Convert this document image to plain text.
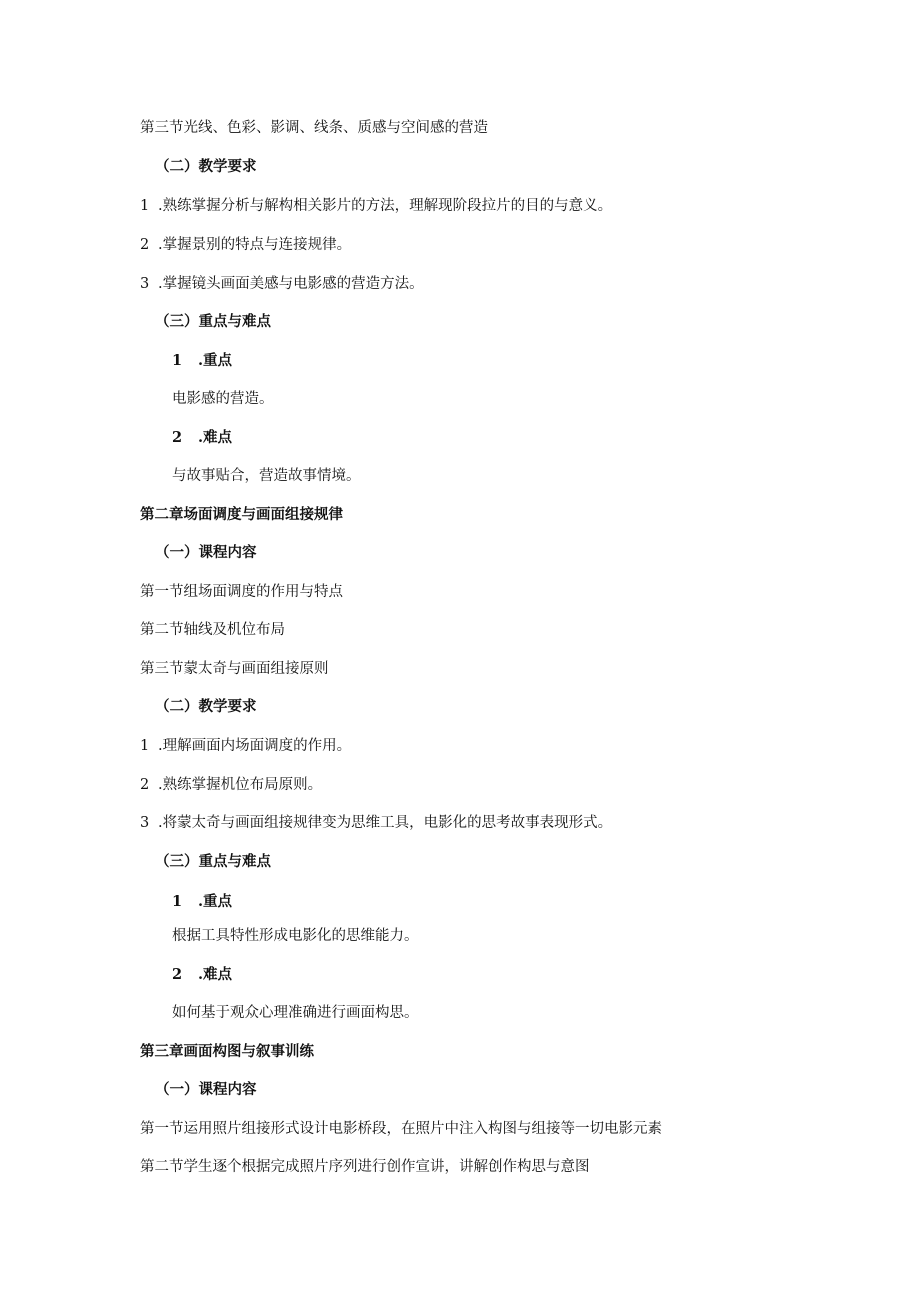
第三节光线、色彩、影调、线条、质感与空间感的营造
（二）教学要求
1 .熟练掌握分析与解构相关影片的方法，理解现阶段拉片的目的与意义。
2 .掌握景别的特点与连接规律。
3 .掌握镜头画面美感与电影感的营造方法。
（三）重点与难点
1 .重点
电影感的营造。
2 .难点
与故事贴合，营造故事情境。
第二章场面调度与画面组接规律
（一）课程内容
第一节组场面调度的作用与特点
第二节轴线及机位布局
第三节蒙太奇与画面组接原则
（二）教学要求
1 .理解画面内场面调度的作用。
2 .熟练掌握机位布局原则。
3 .将蒙太奇与画面组接规律变为思维工具，电影化的思考故事表现形式。
（三）重点与难点
1 .重点
根据工具特性形成电影化的思维能力。
2 .难点
如何基于观众心理准确进行画面构思。
第三章画面构图与叙事训练
（一）课程内容
第一节运用照片组接形式设计电影桥段，在照片中注入构图与组接等一切电影元素
第二节学生逐个根据完成照片序列进行创作宣讲，讲解创作构思与意图
